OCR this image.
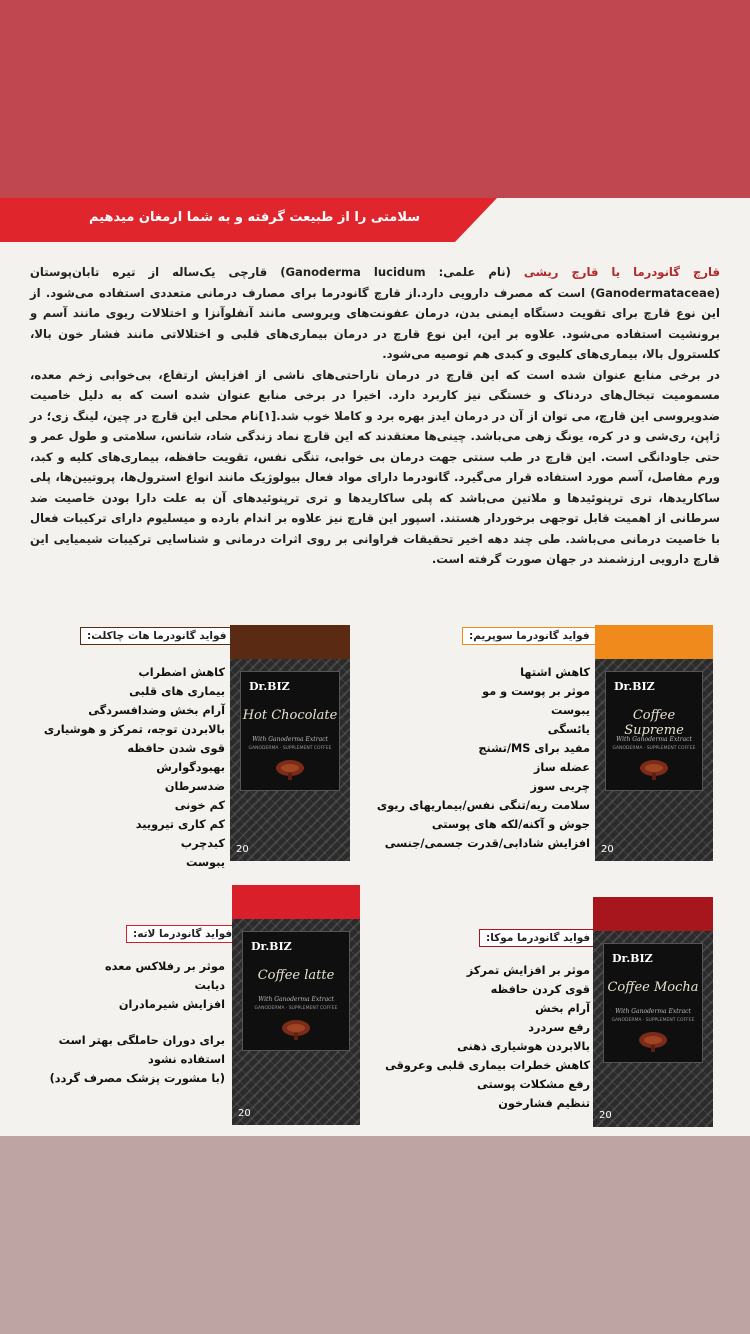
سلامتی را از طبیعت گرفته و به شما ارمغان میدهیم

قارچ گانودرما یا قارچ ریشی (نام علمی: Ganoderma lucidum) قارچی یک‌ساله از تیره تابان‌پوستان (Ganodermataceae) است که مصرف دارویی دارد.از قارچ گانودرما برای مصارف درمانی متعددی استفاده می‌شود. از این نوع قارچ برای تقویت دستگاه ایمنی بدن، درمان عفونت‌های ویروسی مانند آنفلوآنزا و اختلالات ریوی مانند آسم و برونشیت استفاده می‌شود. علاوه بر این، این نوع قارچ در درمان بیماری‌های قلبی و اختلالاتی مانند فشار خون بالا، کلسترول بالا، بیماری‌های کلیوی و کبدی هم توصیه می‌شود.

در برخی منابع عنوان شده است که این قارچ در درمان ناراحتی‌های ناشی از افزایش ارتفاع، بی‌خوابی زخم معده، مسمومیت تبخال‌های دردناک و خستگی نیز کاربرد دارد. اخیرا در برخی منابع عنوان شده است که به دلیل خاصیت ضدویروسی این قارچ، می توان از آن در درمان ایدز بهره برد و کاملا خوب شد.[۱]نام محلی این قارچ در چین، لینگ زی؛ در ژاپن، ری‌شی و در کره، یونگ زهی می‌باشد. چینی‌ها معتقدند که این قارچ نماد زندگی شاد، شانس، سلامتی و طول عمر و حتی جاودانگی است. این قارچ در طب سنتی جهت درمان بی خوابی، تنگی نفس، تقویت حافظه، بیماری‌های کلیه و کبد، ورم مفاصل، آسم مورد استفاده قرار می‌گیرد. گانودرما دارای مواد فعال بیولوژیک مانند انواع استرول‌ها، پروتیین‌ها، پلی ساکاریدها، تری ترپنوئیدها و ملاتین می‌باشد که پلی ساکاریدها و تری ترپنوئیدهای آن به علت دارا بودن خاصیت ضد سرطانی از اهمیت قابل توجهی برخوردار هستند. اسپور این قارچ نیز علاوه بر اندام بارده و میسلیوم دارای ترکیبات فعال با خاصیت درمانی می‌باشد. طی چند دهه اخیر تحقیقات فراوانی بر روی اثرات درمانی و شناسایی ترکیبات شیمیایی این قارچ دارویی ارزشمند در جهان صورت گرفته است.

فواید گانودرما هات چاکلت:
کاهش اضطراب
بیماری های قلبی
آرام بخش وضدافسردگی
بالابردن توجه، تمرکز و هوشیاری
قوی شدن حافظه
بهبودگوارش
ضدسرطان
کم خونی
کم کاری تیرویید
کبدچرب
یبوست
Dr.BIZ
Hot Chocolate
With Ganoderma Extract
GANODERMA · SUPPLEMENT COFFEE
20
فواید گانودرما سوپریم:
کاهش اشتها
موثر بر پوست و مو
یبوست
یائسگی
مفید برای MS/تشنج
عضله ساز
چربی سوز
سلامت ریه/تنگی نفس/بیماریهای ریوی
جوش و آکنه/لکه های پوستی
افزایش شادابی/قدرت جسمی/جنسی
Dr.BIZ
Coffee Supreme
With Ganoderma Extract
GANODERMA · SUPPLEMENT COFFEE
20
فواید گانودرما لاته:
موثر بر رفلاکس معده
دیابت
افزایش شیرمادران
برای دوران حاملگی بهتر است استفاده نشود
(با مشورت پزشک مصرف گردد)
Dr.BIZ
Coffee latte
With Ganoderma Extract
GANODERMA · SUPPLEMENT COFFEE
20
فواید گانودرما موکا:
موثر بر افزایش تمرکز
قوی کردن حافظه
آرام بخش
رفع سردرد
بالابردن هوشیاری ذهنی
کاهش خطرات بیماری قلبی وعروقی
رفع مشکلات پوستی
تنظیم فشارخون
Dr.BIZ
Coffee Mocha
With Ganoderma Extract
GANODERMA · SUPPLEMENT COFFEE
20
